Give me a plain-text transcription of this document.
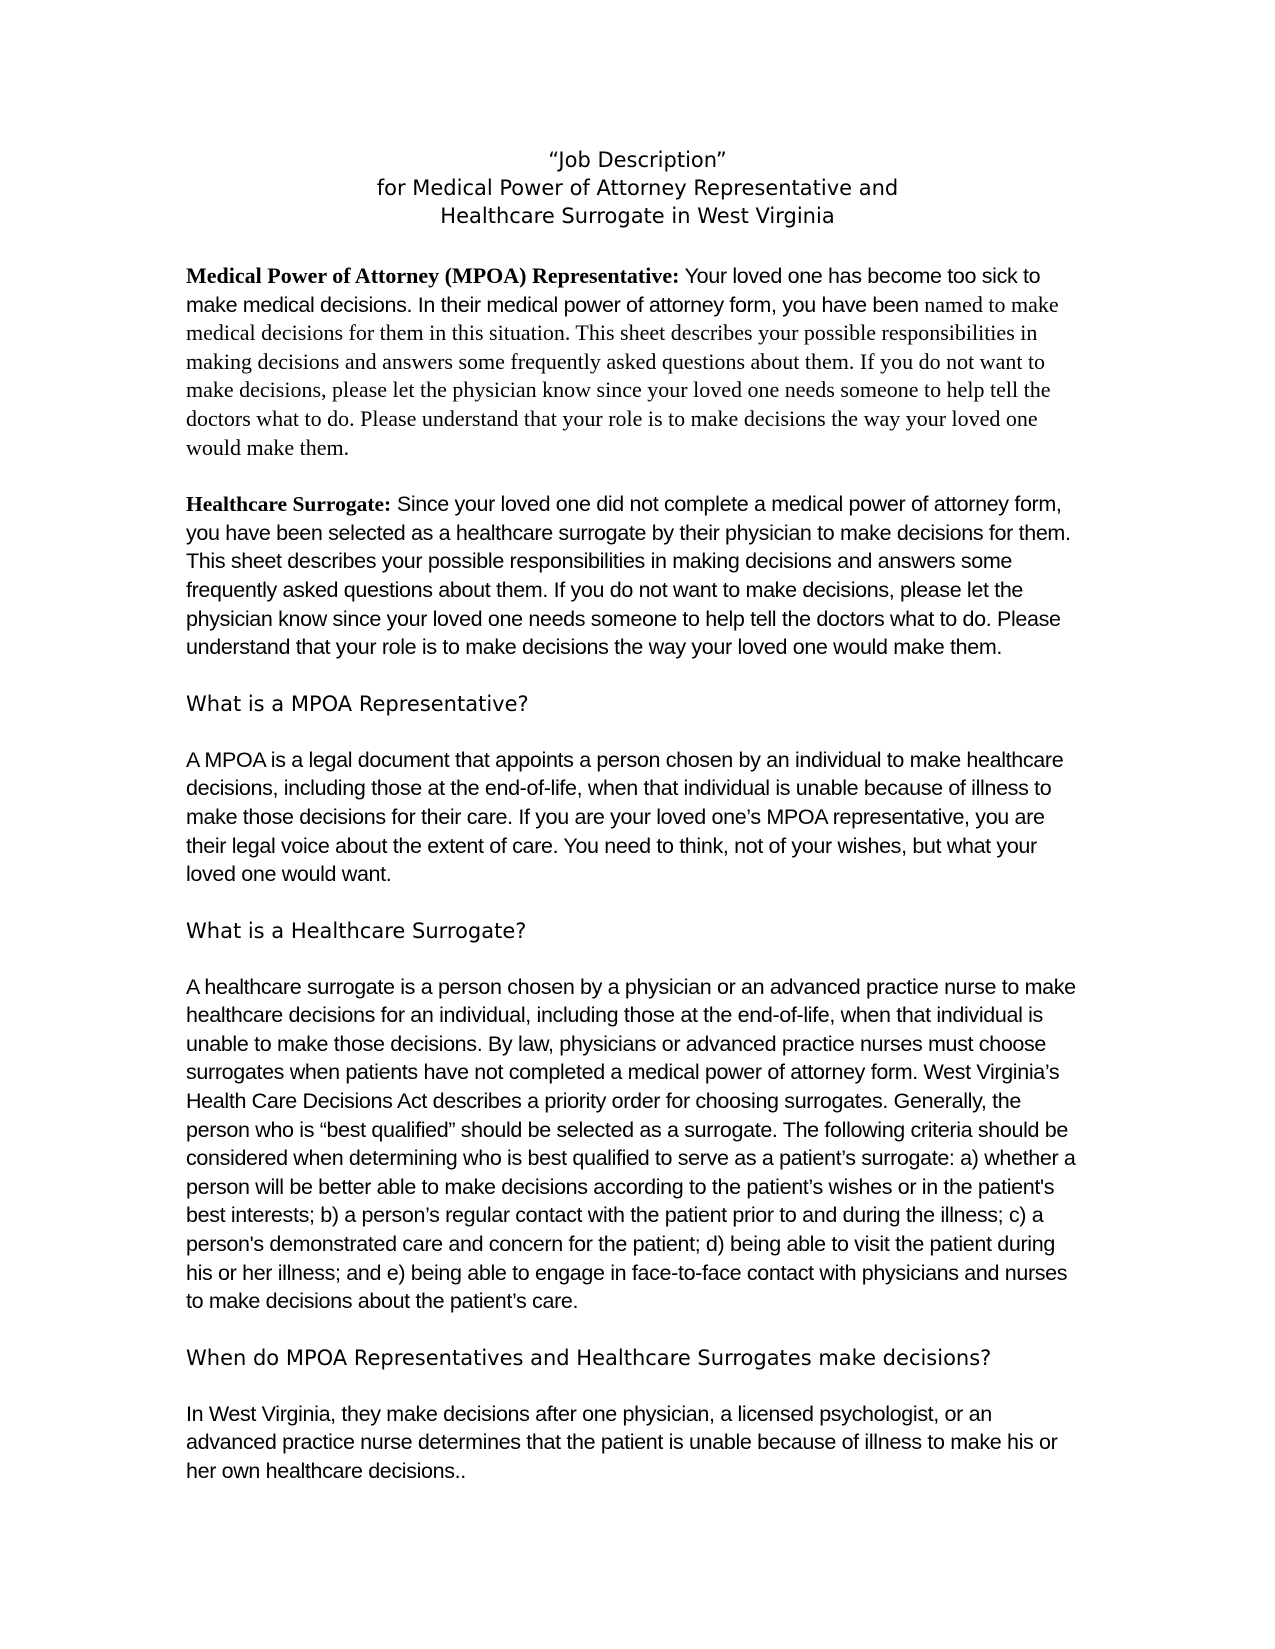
“Job Description”
for Medical Power of Attorney Representative and
Healthcare Surrogate in West Virginia

Medical Power of Attorney (MPOA) Representative: Your loved one has become too sick to make medical decisions. In their medical power of attorney form, you have been named to make medical decisions for them in this situation. This sheet describes your possible responsibilities in making decisions and answers some frequently asked questions about them. If you do not want to make decisions, please let the physician know since your loved one needs someone to help tell the doctors what to do. Please understand that your role is to make decisions the way your loved one would make them.

Healthcare Surrogate: Since your loved one did not complete a medical power of attorney form, you have been selected as a healthcare surrogate by their physician to make decisions for them. This sheet describes your possible responsibilities in making decisions and answers some frequently asked questions about them. If you do not want to make decisions, please let the physician know since your loved one needs someone to help tell the doctors what to do. Please understand that your role is to make decisions the way your loved one would make them.

What is a MPOA Representative?

A MPOA is a legal document that appoints a person chosen by an individual to make healthcare decisions, including those at the end-of-life, when that individual is unable because of illness to make those decisions for their care. If you are your loved one’s MPOA representative, you are their legal voice about the extent of care. You need to think, not of your wishes, but what your loved one would want.

What is a Healthcare Surrogate?

A healthcare surrogate is a person chosen by a physician or an advanced practice nurse to make healthcare decisions for an individual, including those at the end-of-life, when that individual is unable to make those decisions. By law, physicians or advanced practice nurses must choose surrogates when patients have not completed a medical power of attorney form. West Virginia’s Health Care Decisions Act describes a priority order for choosing surrogates. Generally, the person who is “best qualified” should be selected as a surrogate. The following criteria should be considered when determining who is best qualified to serve as a patient’s surrogate: a) whether a person will be better able to make decisions according to the patient’s wishes or in the patient's best interests; b) a person’s regular contact with the patient prior to and during the illness; c) a person's demonstrated care and concern for the patient; d) being able to visit the patient during his or her illness; and e) being able to engage in face-to-face contact with physicians and nurses to make decisions about the patient’s care.

When do MPOA Representatives and Healthcare Surrogates make decisions?

In West Virginia, they make decisions after one physician, a licensed psychologist, or an advanced practice nurse determines that the patient is unable because of illness to make his or her own healthcare decisions..
